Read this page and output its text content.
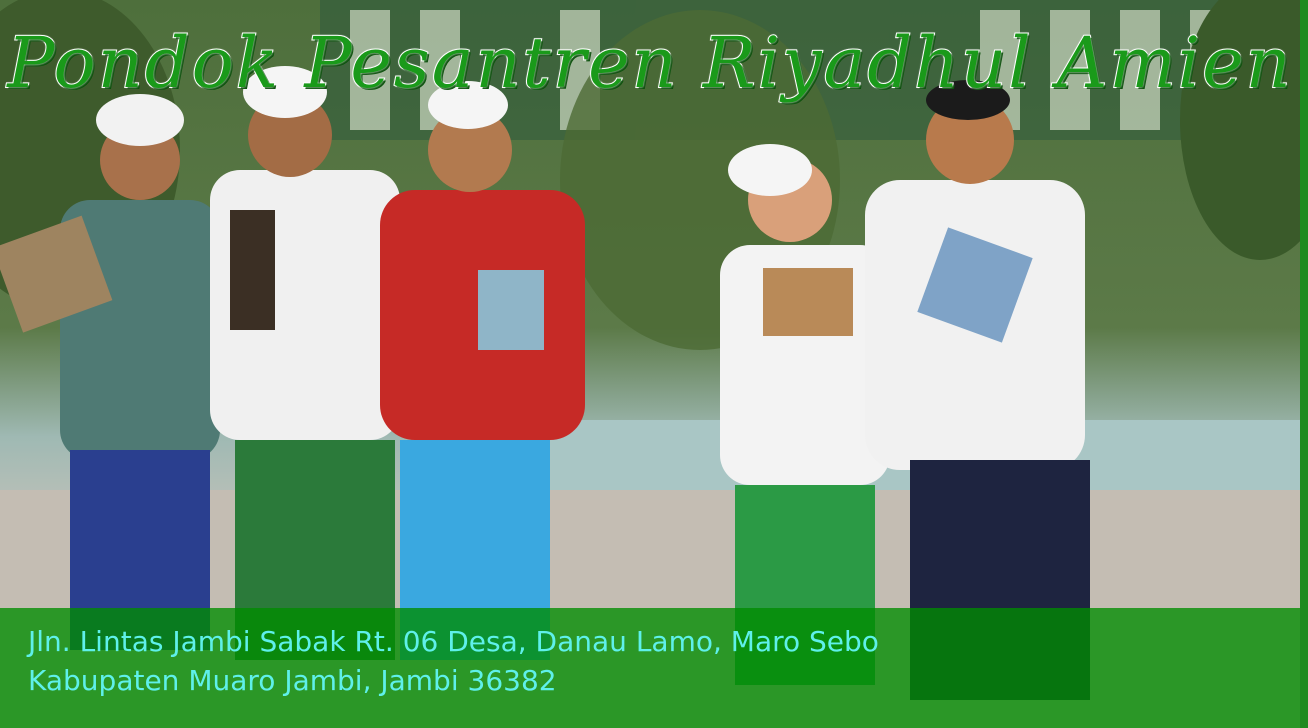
Pondok Pesantren Riyadhul Amien
Jln. Lintas Jambi Sabak Rt. 06 Desa, Danau Lamo, Maro Sebo
Kabupaten Muaro Jambi, Jambi 36382
